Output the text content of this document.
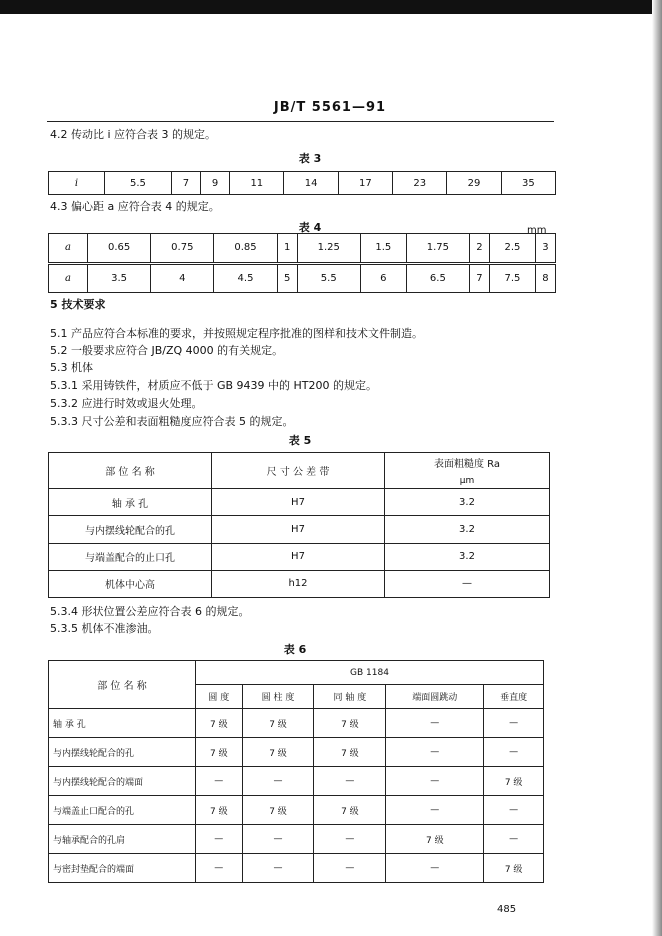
JB/T 5561—91
4.2 传动比 i 应符合表 3 的规定。
表 3
i	5.5	7	9	11	14	17	23	29	35
4.3 偏心距 a 应符合表 4 的规定。
表 4	mm
a	0.65	0.75	0.85	1	1.25	1.5	1.75	2	2.5	3
a	3.5	4	4.5	5	5.5	6	6.5	7	7.5	8
5 技术要求
5.1 产品应符合本标准的要求，并按照规定程序批准的图样和技术文件制造。
5.2 一般要求应符合 JB/ZQ 4000 的有关规定。
5.3 机体
5.3.1 采用铸铁件，材质应不低于 GB 9439 中的 HT200 的规定。
5.3.2 应进行时效或退火处理。
5.3.3 尺寸公差和表面粗糙度应符合表 5 的规定。
表 5
部 位 名 称	尺 寸 公 差 带	表面粗糙度 Ra
μm

轴 承 孔	H7	3.2
与内摆线轮配合的孔	H7	3.2
与端盖配合的止口孔	H7	3.2
机体中心高	h12	—
5.3.4 形状位置公差应符合表 6 的规定。
5.3.5 机体不准渗油。
表 6
部 位 名 称	GB 1184				
	圆 度	圆 柱 度	同 轴 度	端面圆跳动	垂直度
轴 承 孔	7 级	7 级	7 级	—	—
与内摆线轮配合的孔	7 级	7 级	7 级	—	—
与内摆线轮配合的端面	—	—	—	—	7 级
与端盖止口配合的孔	7 级	7 级	7 级	—	—
与轴承配合的孔肩	—	—	—	7 级	—
与密封垫配合的端面	—	—	—	—	7 级
485
